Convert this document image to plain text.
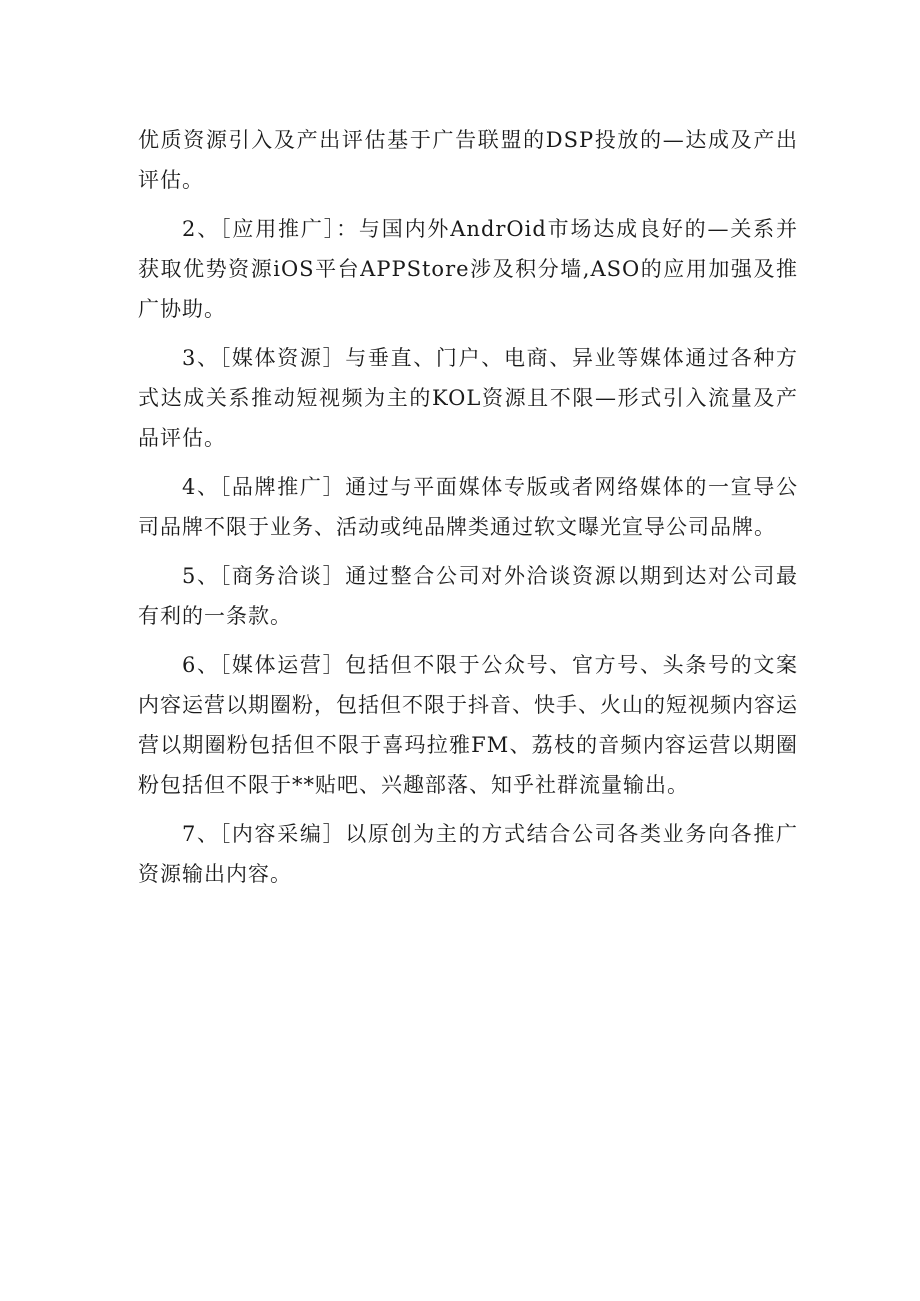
优质资源引入及产出评估基于广告联盟的DSP投放的—达成及产出评估。

2、［应用推广］：与国内外AndrOid市场达成良好的—关系并获取优势资源iOS平台APPStore涉及积分墙,ASO的应用加强及推广协助。

3、［媒体资源］与垂直、门户、电商、异业等媒体通过各种方式达成关系推动短视频为主的KOL资源且不限—形式引入流量及产品评估。

4、［品牌推广］通过与平面媒体专版或者网络媒体的一宣导公司品牌不限于业务、活动或纯品牌类通过软文曝光宣导公司品牌。

5、［商务洽谈］通过整合公司对外洽谈资源以期到达对公司最有利的一条款。

6、［媒体运营］包括但不限于公众号、官方号、头条号的文案内容运营以期圈粉，包括但不限于抖音、快手、火山的短视频内容运营以期圈粉包括但不限于喜玛拉雅FM、荔枝的音频内容运营以期圈粉包括但不限于**贴吧、兴趣部落、知乎社群流量输出。

7、［内容采编］以原创为主的方式结合公司各类业务向各推广资源输出内容。
